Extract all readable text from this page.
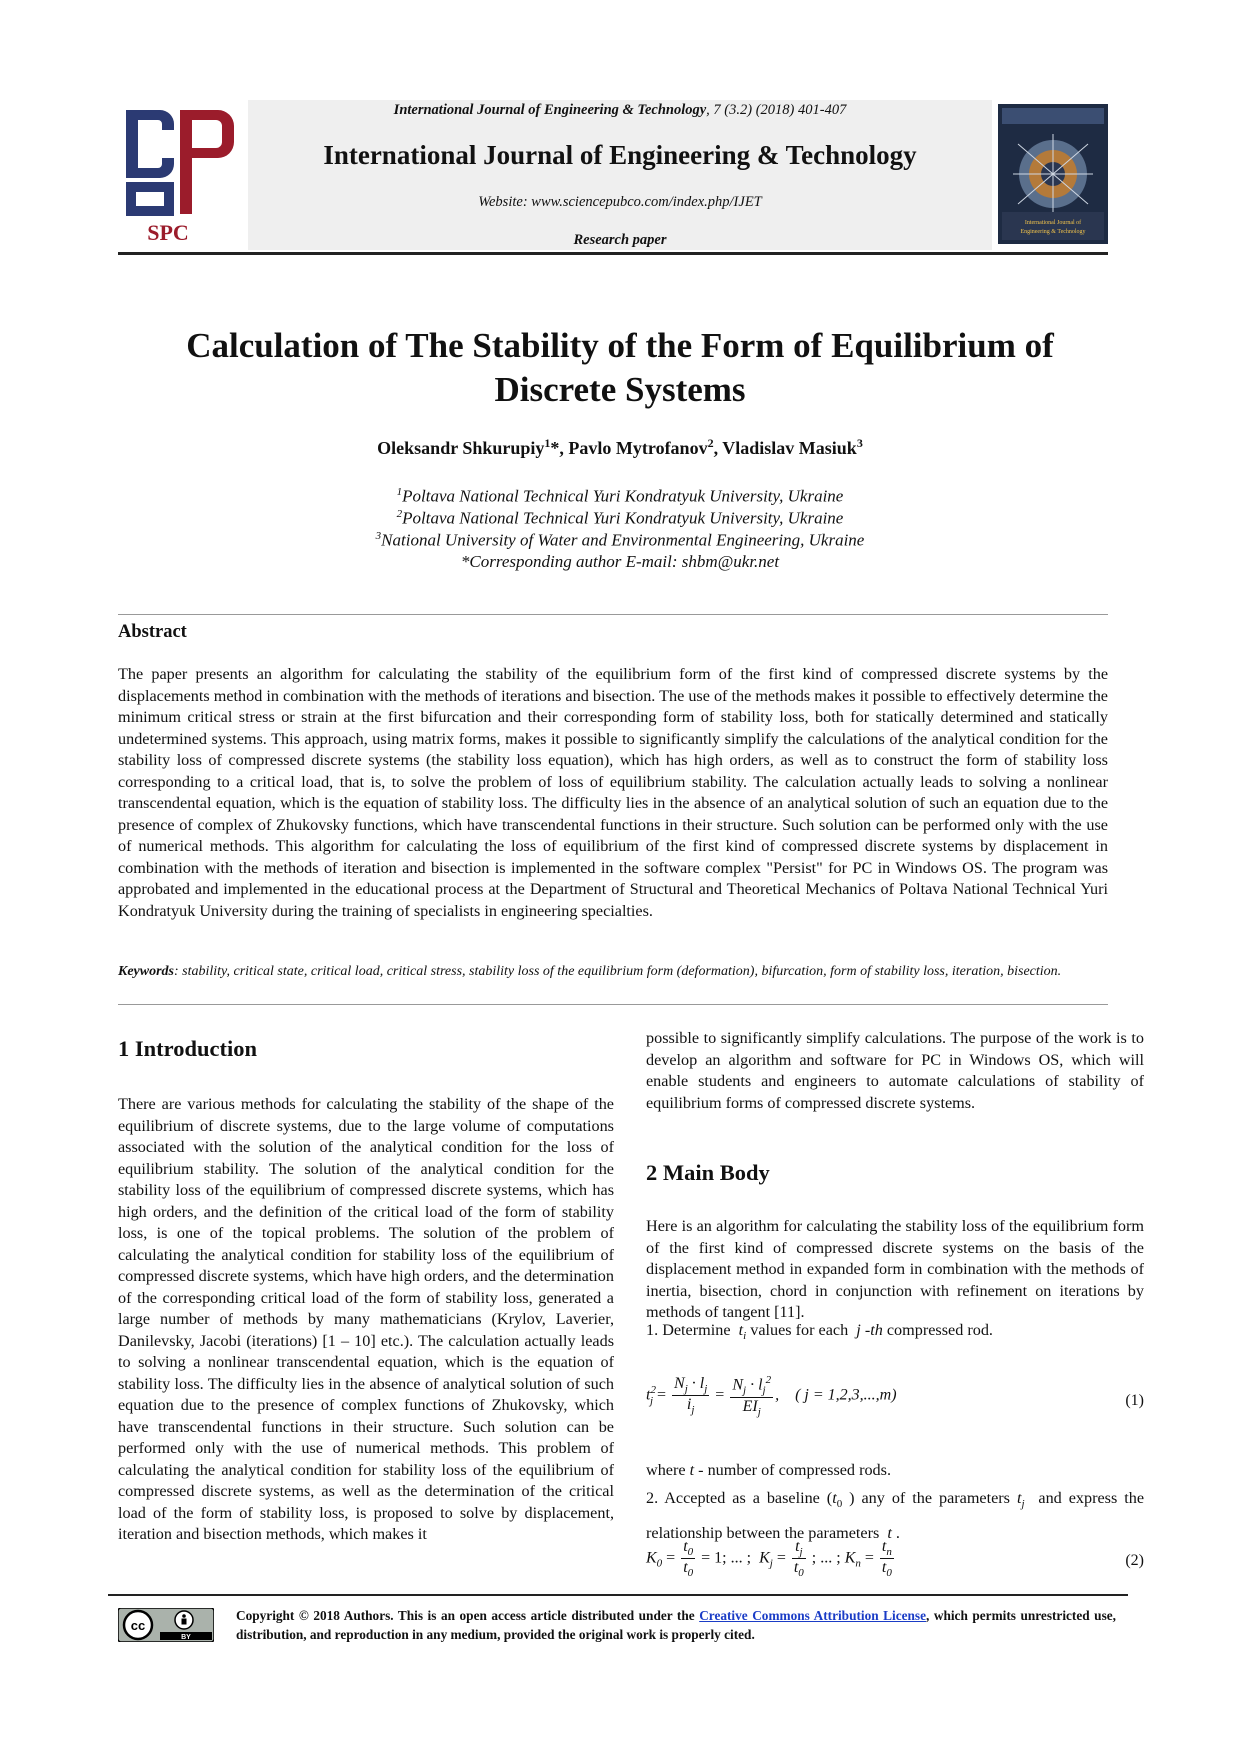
SPC
International Journal of Engineering & Technology, 7 (3.2) (2018) 401-407
International Journal of Engineering & Technology
Website: www.sciencepubco.com/index.php/IJET
Research paper
International Journal of
Engineering & Technology
Calculation of The Stability of the Form of Equilibrium of
Discrete Systems
Oleksandr Shkurupiy$^1$*, Pavlo Mytrofanov$^2$, Vladislav Masiuk$^3$
$^1$Poltava National Technical Yuri Kondratyuk University, Ukraine
$^2$Poltava National Technical Yuri Kondratyuk University, Ukraine
$^3$National University of Water and Environmental Engineering, Ukraine
*Corresponding author E-mail: shbm@ukr.net
Abstract
The paper presents an algorithm for calculating the stability of the equilibrium form of the first kind of compressed discrete systems by the displacements method in combination with the methods of iterations and bisection. The use of the methods makes it possible to effectively determine the minimum critical stress or strain at the first bifurcation and their corresponding form of stability loss, both for statically determined and statically undetermined systems. This approach, using matrix forms, makes it possible to significantly simplify the calculations of the analytical condition for the stability loss of compressed discrete systems (the stability loss equation), which has high orders, as well as to construct the form of stability loss corresponding to a critical load, that is, to solve the problem of loss of equilibrium stability. The calculation actually leads to solving a nonlinear transcendental equation, which is the equation of stability loss. The difficulty lies in the absence of an analytical solution of such an equation due to the presence of complex of Zhukovsky functions, which have transcendental functions in their structure. Such solution can be performed only with the use of numerical methods. This algorithm for calculating the loss of equilibrium of the first kind of compressed discrete systems by displacement in combination with the methods of iteration and bisection is implemented in the software complex "Persist" for PC in Windows OS. The program was approbated and implemented in the educational process at the Department of Structural and Theoretical Mechanics of Poltava National Technical Yuri Kondratyuk University during the training of specialists in engineering specialties.
Keywords: stability, critical state, critical load, critical stress, stability loss of the equilibrium form (deformation), bifurcation, form of stability loss, iteration, bisection.
1 Introduction
There are various methods for calculating the stability of the shape of the equilibrium of discrete systems, due to the large volume of computations associated with the solution of the analytical condition for the loss of equilibrium stability. The solution of the analytical condition for the stability loss of the equilibrium of compressed discrete systems, which has high orders, and the definition of the critical load of the form of stability loss, is one of the topical problems. The solution of the problem of calculating the analytical condition for stability loss of the equilibrium of compressed discrete systems, which have high orders, and the determination of the corresponding critical load of the form of stability loss, generated a large number of methods by many mathematicians (Krylov, Laverier, Danilevsky, Jacobi (iterations) [1 – 10] etc.). The calculation actually leads to solving a nonlinear transcendental equation, which is the equation of stability loss. The difficulty lies in the absence of analytical solution of such equation due to the presence of complex functions of Zhukovsky, which have transcendental functions in their structure. Such solution can be performed only with the use of numerical methods. This problem of calculating the analytical condition for stability loss of the equilibrium of compressed discrete systems, as well as the determination of the critical load of the form of stability loss, is proposed to solve by displacement, iteration and bisection methods, which makes it
possible to significantly simplify calculations. The purpose of the work is to develop an algorithm and software for PC in Windows OS, which will enable students and engineers to automate calculations of stability of equilibrium forms of compressed discrete systems.
2 Main Body
Here is an algorithm for calculating the stability loss of the equilibrium form of the first kind of compressed discrete systems on the basis of the displacement method in expanded form in combination with the methods of inertia, bisection, chord in conjunction with refinement on iterations by methods of tangent [11].
1. Determine $t_i$ values for each j -th compressed rod.
$t^2_j = \frac{N_j \cdot l_j}{i_j} = \frac{N_j \cdot l_j^2}{EI_j}$ ,    ( j = 1,2,3,...,m)	(1)
where t - number of compressed rods.
2. Accepted as a baseline ($t_0$ ) any of the parameters $t_j$ and express the relationship between the parameters t .
$K_0 = \frac{t_0}{t_0} = 1$; ... ; $K_j = \frac{t_j}{t_0}$ ; ... ; $K_n = \frac{t_n}{t_0}$	(2)
cc
BY
Copyright © 2018 Authors. This is an open access article distributed under the Creative Commons Attribution License, which permits unrestricted use, distribution, and reproduction in any medium, provided the original work is properly cited.
